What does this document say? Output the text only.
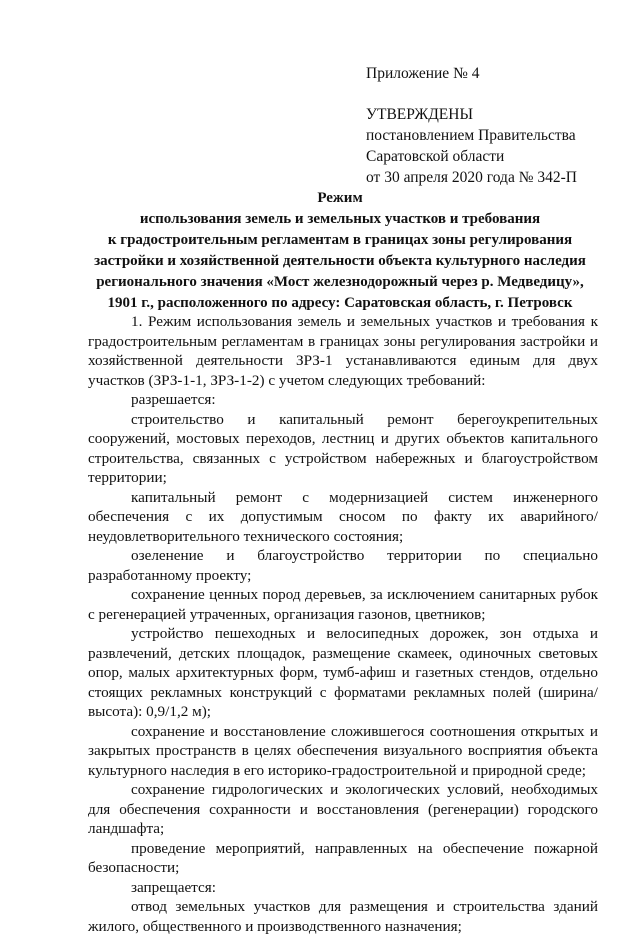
Приложение № 4
УТВЕРЖДЕНЫ
постановлением Правительства
Саратовской области
от 30 апреля 2020 года № 342-П
Режим
использования земель и земельных участков и требования
к градостроительным регламентам в границах зоны регулирования
застройки и хозяйственной деятельности объекта культурного наследия
регионального значения «Мост железнодорожный через р. Медведицу»,
1901 г., расположенного по адресу: Саратовская область, г. Петровск

1. Режим использования земель и земельных участков и требования к градостроительным регламентам в границах зоны регулирования застройки и хозяйственной деятельности ЗРЗ-1 устанавливаются единым для двух участков (ЗРЗ-1-1, ЗРЗ-1-2) с учетом следующих требований:

разрешается:

строительство и капитальный ремонт берегоукрепительных сооружений, мостовых переходов, лестниц и других объектов капитального строительства, связанных с устройством набережных и благоустройством территории;

капитальный ремонт с модернизацией систем инженерного обеспечения с их допустимым сносом по факту их аварийного/неудовлетворительного технического состояния;

озеленение и благоустройство территории по специально разработанному проекту;

сохранение ценных пород деревьев, за исключением санитарных рубок с регенерацией утраченных, организация газонов, цветников;

устройство пешеходных и велосипедных дорожек, зон отдыха и развлечений, детских площадок, размещение скамеек, одиночных световых опор, малых архитектурных форм, тумб-афиш и газетных стендов, отдельно стоящих рекламных конструкций с форматами рекламных полей (ширина/высота): 0,9/1,2 м);

сохранение и восстановление сложившегося соотношения открытых и закрытых пространств в целях обеспечения визуального восприятия объекта культурного наследия в его историко-градостроительной и природной среде;

сохранение гидрологических и экологических условий, необходимых для обеспечения сохранности и восстановления (регенерации) городского ландшафта;

проведение мероприятий, направленных на обеспечение пожарной безопасности;

запрещается:

отвод земельных участков для размещения и строительства зданий жилого, общественного и производственного назначения;
